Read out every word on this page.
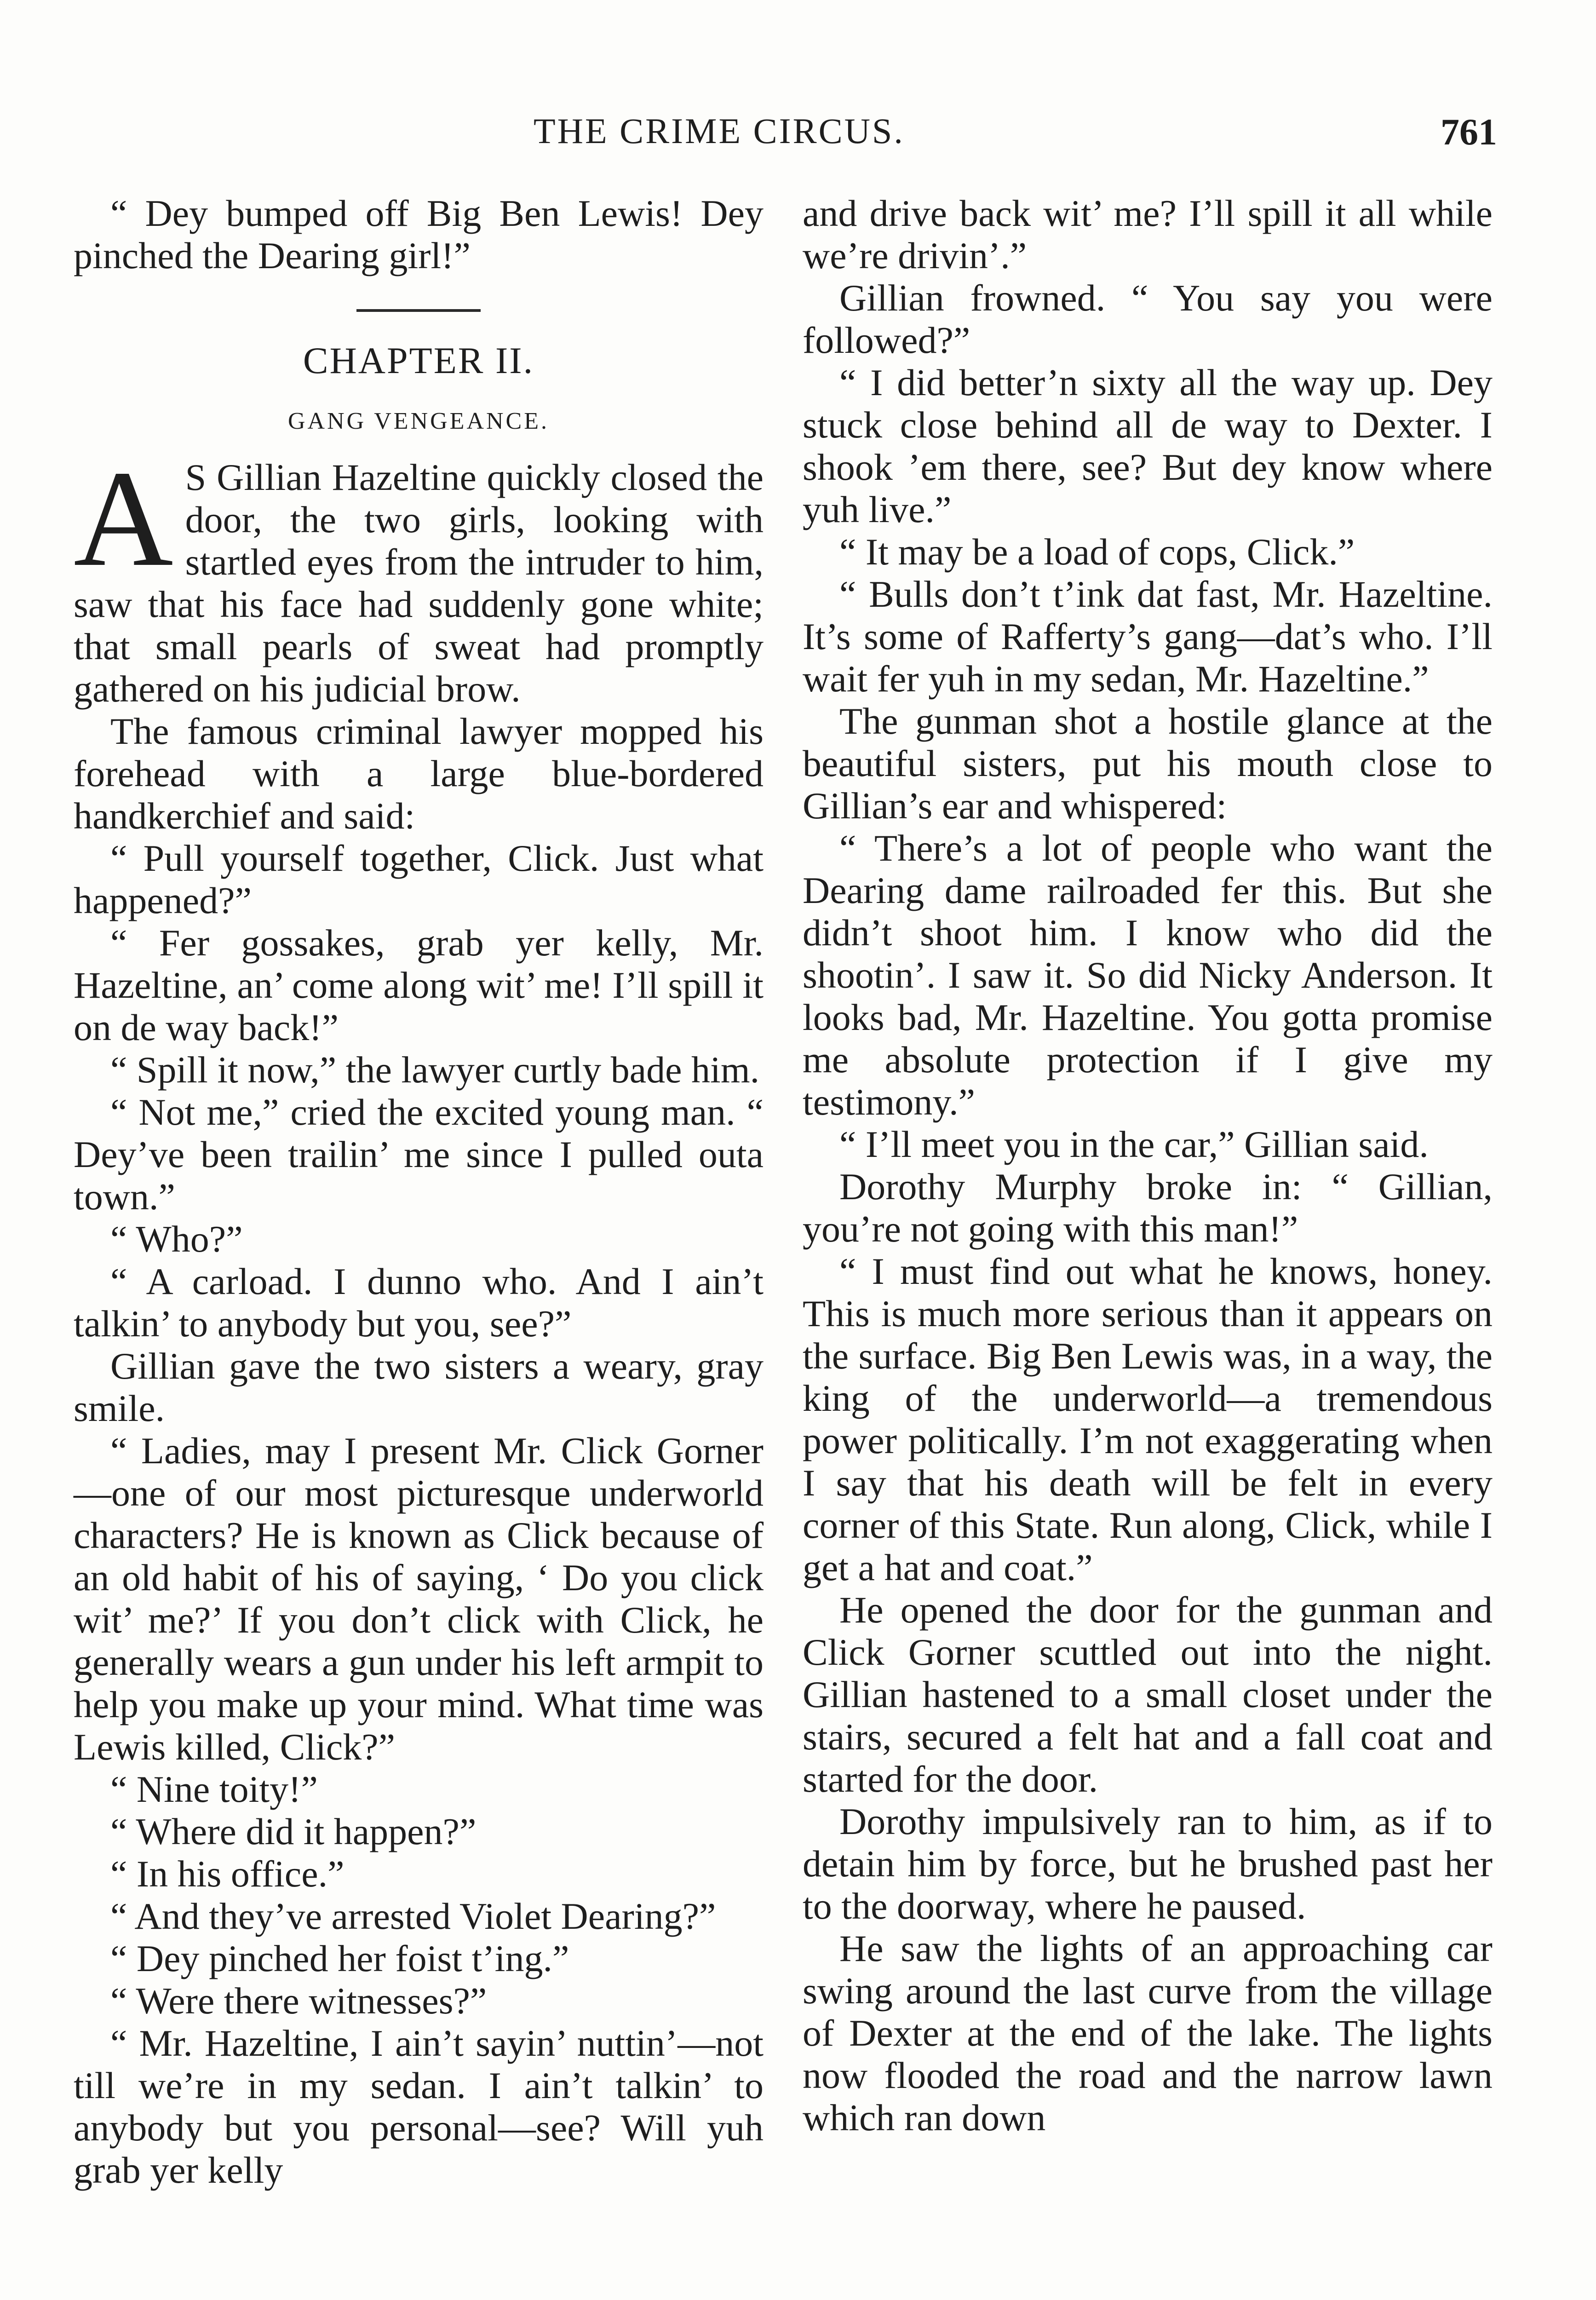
THE CRIME CIRCUS.	761

“ Dey bumped off Big Ben Lewis! Dey pinched the Dearing girl!”

CHAPTER II.
GANG VENGEANCE.

A S Gillian Hazeltine quickly closed the door, the two girls, looking with startled eyes from the intruder to him, saw that his face had suddenly gone white; that small pearls of sweat had promptly gathered on his judicial brow.

The famous criminal lawyer mopped his forehead with a large blue-bordered handkerchief and said:

“ Pull yourself together, Click. Just what happened?”

“ Fer gossakes, grab yer kelly, Mr. Hazeltine, an’ come along wit’ me! I’ll spill it on de way back!”

“ Spill it now,” the lawyer curtly bade him.

“ Not me,” cried the excited young man. “ Dey’ve been trailin’ me since I pulled outa town.”

“ Who?”

“ A carload. I dunno who. And I ain’t talkin’ to anybody but you, see?”

Gillian gave the two sisters a weary, gray smile.

“ Ladies, may I present Mr. Click Gorner—one of our most picturesque underworld characters? He is known as Click because of an old habit of his of saying, ‘ Do you click wit’ me?’ If you don’t click with Click, he generally wears a gun under his left armpit to help you make up your mind. What time was Lewis killed, Click?”

“ Nine toity!”

“ Where did it happen?”

“ In his office.”

“ And they’ve arrested Violet Dearing?”

“ Dey pinched her foist t’ing.”

“ Were there witnesses?”

“ Mr. Hazeltine, I ain’t sayin’ nuttin’—not till we’re in my sedan. I ain’t talkin’ to anybody but you personal—see? Will yuh grab yer kelly

and drive back wit’ me? I’ll spill it all while we’re drivin’.”

Gillian frowned. “ You say you were followed?”

“ I did better’n sixty all the way up. Dey stuck close behind all de way to Dexter. I shook ’em there, see? But dey know where yuh live.”

“ It may be a load of cops, Click.”

“ Bulls don’t t’ink dat fast, Mr. Hazeltine. It’s some of Rafferty’s gang—dat’s who. I’ll wait fer yuh in my sedan, Mr. Hazeltine.”

The gunman shot a hostile glance at the beautiful sisters, put his mouth close to Gillian’s ear and whispered:

“ There’s a lot of people who want the Dearing dame railroaded fer this. But she didn’t shoot him. I know who did the shootin’. I saw it. So did Nicky Anderson. It looks bad, Mr. Hazeltine. You gotta promise me absolute protection if I give my testimony.”

“ I’ll meet you in the car,” Gillian said.

Dorothy Murphy broke in: “ Gillian, you’re not going with this man!”

“ I must find out what he knows, honey. This is much more serious than it appears on the surface. Big Ben Lewis was, in a way, the king of the underworld—a tremendous power politically. I’m not exaggerating when I say that his death will be felt in every corner of this State. Run along, Click, while I get a hat and coat.”

He opened the door for the gunman and Click Gorner scuttled out into the night. Gillian hastened to a small closet under the stairs, secured a felt hat and a fall coat and started for the door.

Dorothy impulsively ran to him, as if to detain him by force, but he brushed past her to the doorway, where he paused.

He saw the lights of an approaching car swing around the last curve from the village of Dexter at the end of the lake. The lights now flooded the road and the narrow lawn which ran down
